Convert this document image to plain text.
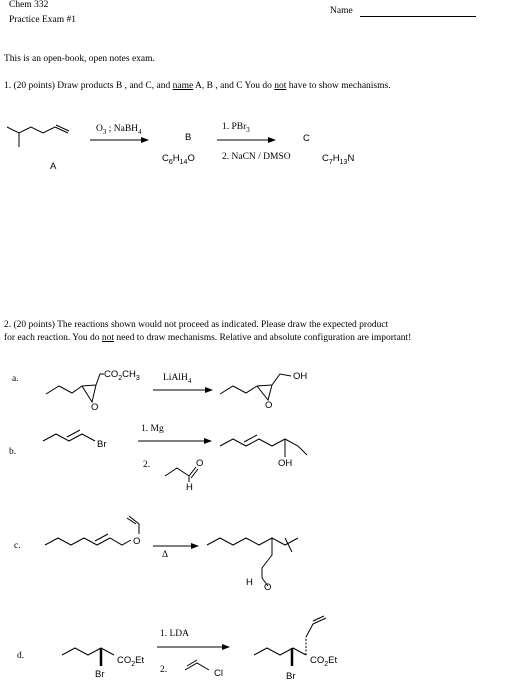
Chem 332
Practice Exam #1
Name
This is an open-book, open notes exam.
1. (20 points) Draw products B , and C, and name A, B , and C You do not have to show mechanisms.
$O_3$ ; NaBH$_4$	1. PBr$_3$
2. NaCN / DMSO
A
B	C
$C_6H_{14}O$	$C_7H_{13}N$
2. (20 points) The reactions shown would not proceed as indicated. Please draw the expected product
for each reaction. You do not need to draw mechanisms. Relative and absolute configuration are important!
a.
b.
c.
d.
$CO_2CH_3$
O
LiAlH$_4$	OH
O
Br
1. Mg
2.	O
H
OH
O
Δ
H O
$CO_2Et$
Br
1. LDA
2.	Cl
$CO_2Et$
Br
